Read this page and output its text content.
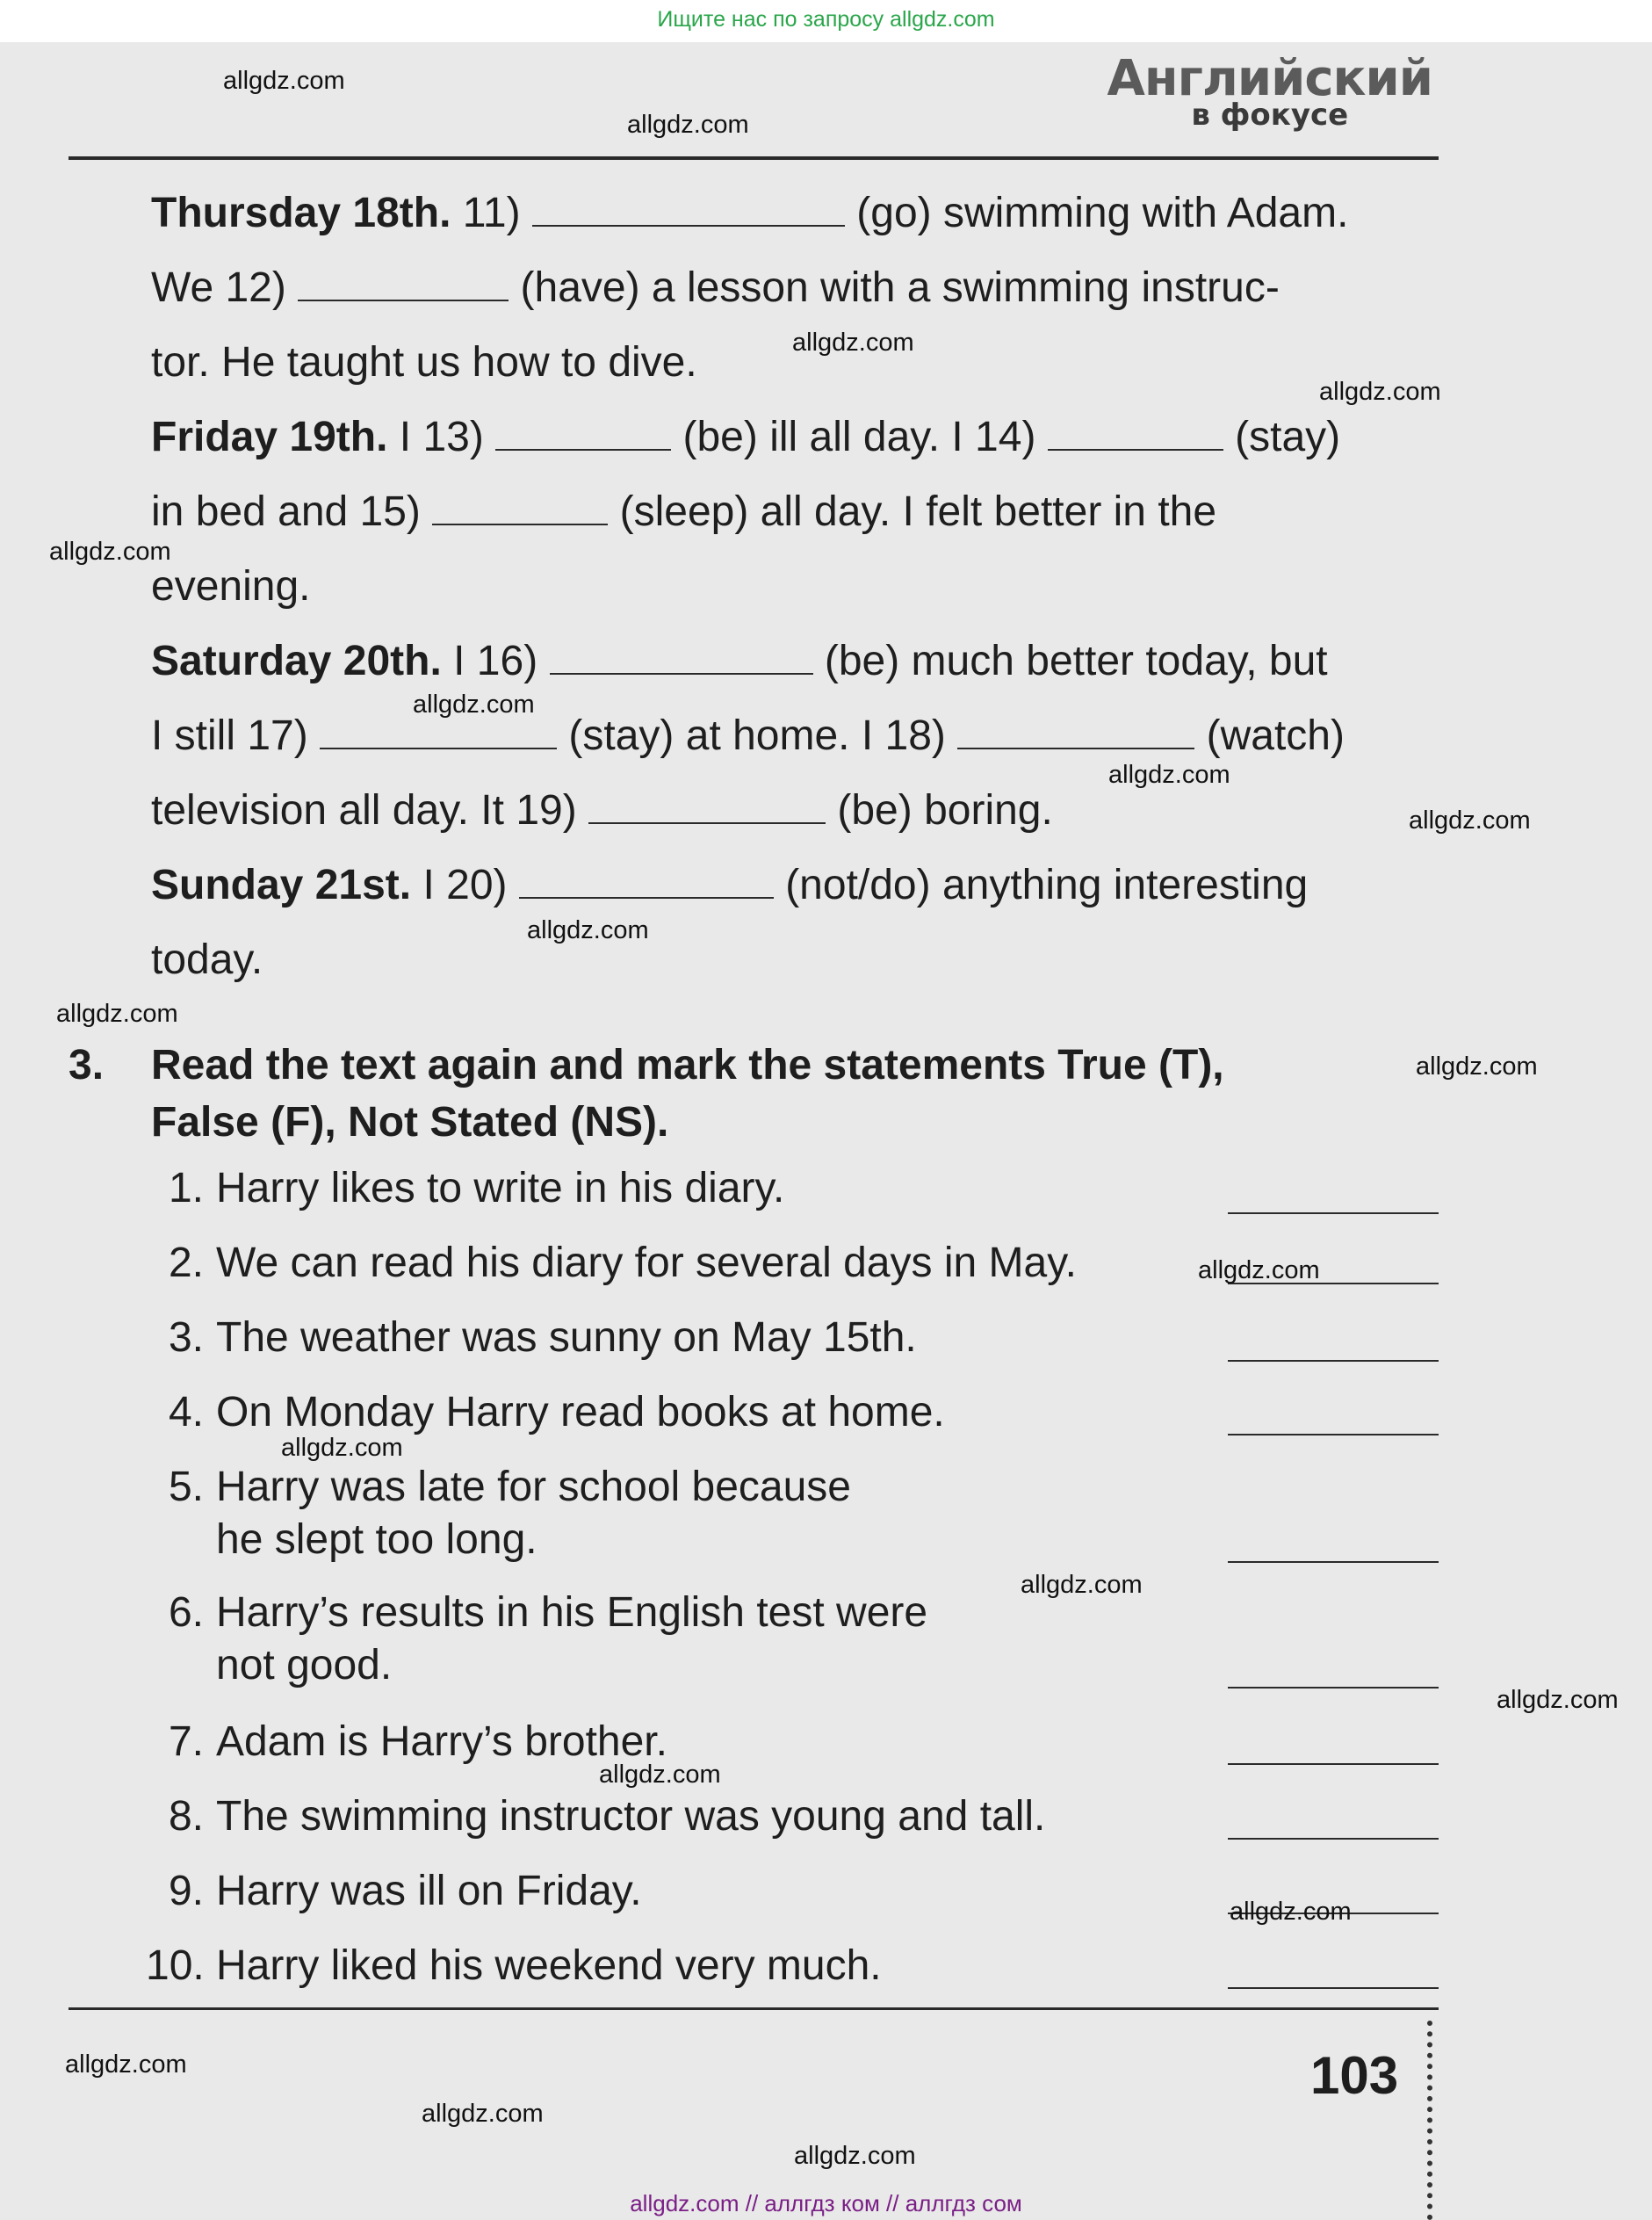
Ищите нас по запросу allgdz.com
Английский
в фокусе
Thursday 18th. 11)	(go) swimming with Adam.
We 12)	(have) a lesson with a swimming instruc-
tor. He taught us how to dive.
Friday 19th. I 13)	(be) ill all day. I 14)	(stay)
in bed and 15)	(sleep) all day. I felt better in the
evening.
Saturday 20th. I 16)	(be) much better today, but
I still 17)	(stay) at home. I 18)	(watch)
television all day. It 19)	(be) boring.
Sunday 21st. I 20)	(not/do) anything interesting
today.
3. Read the text again and mark the statements True (T),
False (F), Not Stated (NS).
1. Harry likes to write in his diary.
2. We can read his diary for several days in May.
3. The weather was sunny on May 15th.
4. On Monday Harry read books at home.
5. Harry was late for school because
he slept too long.
6. Harry’s results in his English test were
not good.
7. Adam is Harry’s brother.
8. The swimming instructor was young and tall.
9. Harry was ill on Friday.
10. Harry liked his weekend very much.
103
allgdz.com
allgdz.com
allgdz.com
allgdz.com
allgdz.com
allgdz.com
allgdz.com
allgdz.com
allgdz.com
allgdz.com
allgdz.com
allgdz.com
allgdz.com
allgdz.com
allgdz.com
allgdz.com
allgdz.com
allgdz.com
allgdz.com
allgdz.com
allgdz.com // аллгдз ком // аллгдз сом
